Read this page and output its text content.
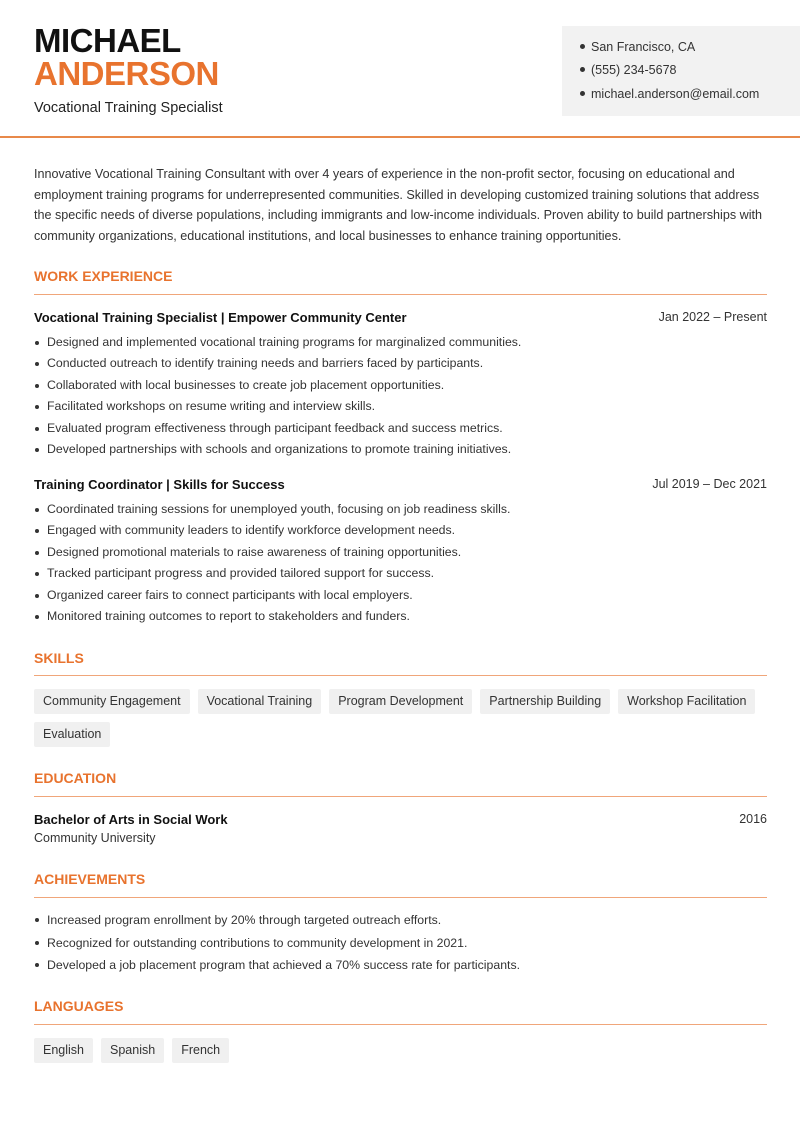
MICHAEL
ANDERSON
Vocational Training Specialist
San Francisco, CA
(555) 234-5678
michael.anderson@email.com

Innovative Vocational Training Consultant with over 4 years of experience in the non-profit sector, focusing on educational and employment training programs for underrepresented communities. Skilled in developing customized training solutions that address the specific needs of diverse populations, including immigrants and low-income individuals. Proven ability to build partnerships with community organizations, educational institutions, and local businesses to enhance training opportunities.

WORK EXPERIENCE
Vocational Training Specialist | Empower Community Center	Jan 2022 – Present
Designed and implemented vocational training programs for marginalized communities.
Conducted outreach to identify training needs and barriers faced by participants.
Collaborated with local businesses to create job placement opportunities.
Facilitated workshops on resume writing and interview skills.
Evaluated program effectiveness through participant feedback and success metrics.
Developed partnerships with schools and organizations to promote training initiatives.
Training Coordinator | Skills for Success	Jul 2019 – Dec 2021
Coordinated training sessions for unemployed youth, focusing on job readiness skills.
Engaged with community leaders to identify workforce development needs.
Designed promotional materials to raise awareness of training opportunities.
Tracked participant progress and provided tailored support for success.
Organized career fairs to connect participants with local employers.
Monitored training outcomes to report to stakeholders and funders.
SKILLS
Community Engagement	Vocational Training	Program Development	Partnership Building	Workshop Facilitation
Evaluation
EDUCATION
Bachelor of Arts in Social Work	2016
Community University
ACHIEVEMENTS
Increased program enrollment by 20% through targeted outreach efforts.
Recognized for outstanding contributions to community development in 2021.
Developed a job placement program that achieved a 70% success rate for participants.
LANGUAGES
English	Spanish	French
